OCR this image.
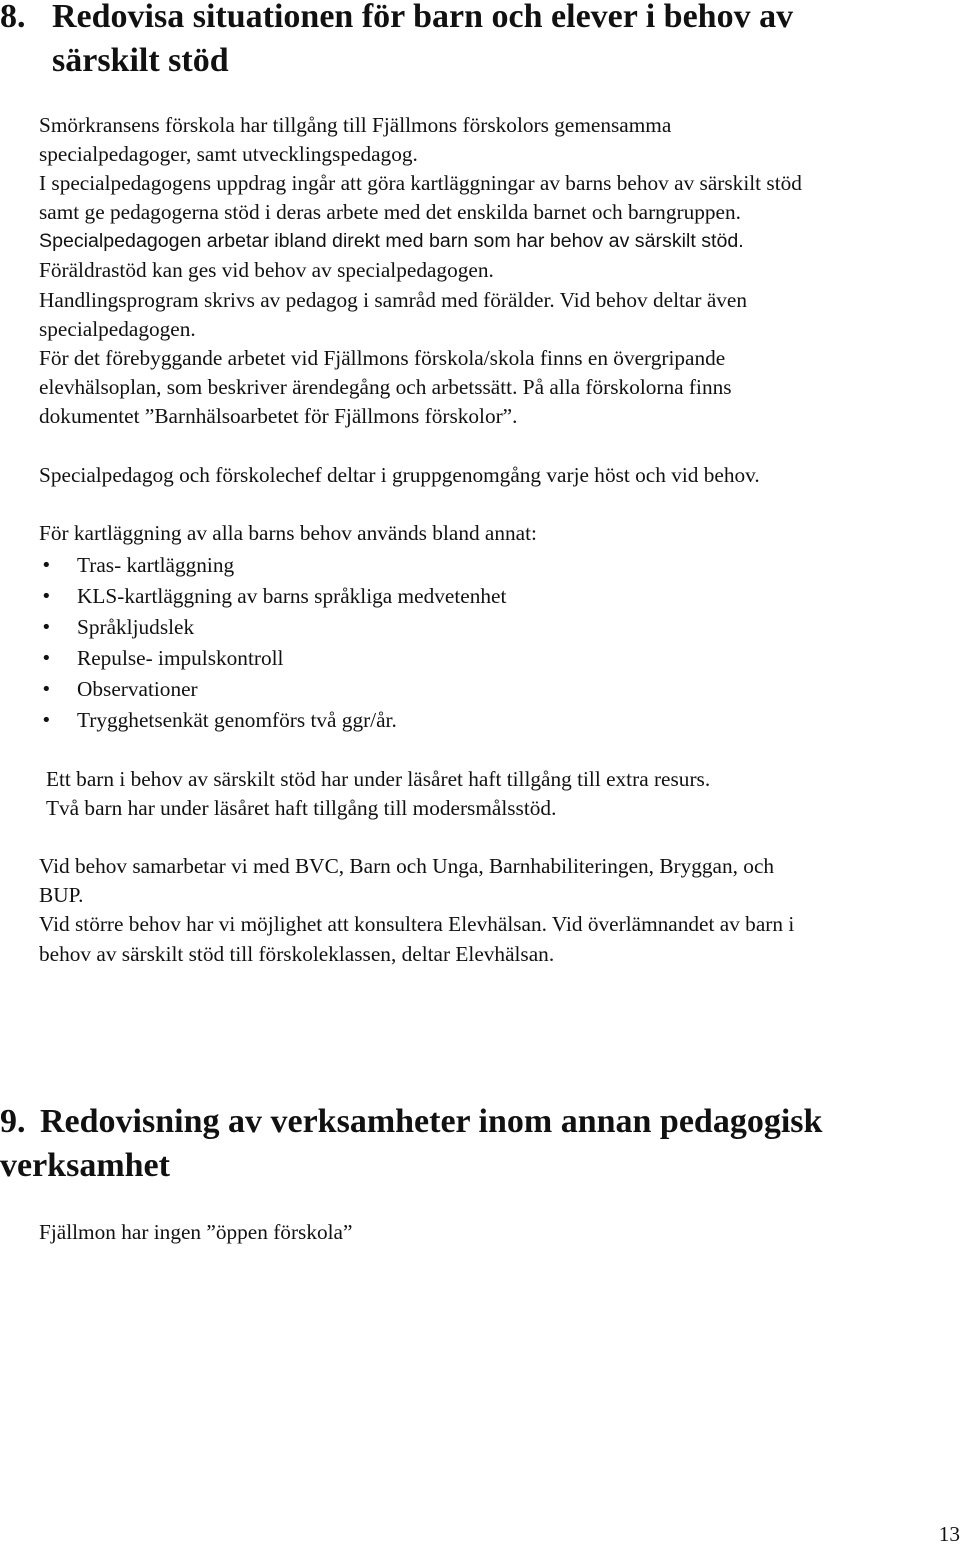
8. Redovisa situationen för barn och elever i behov av
särskilt stöd

Smörkransens förskola har tillgång till Fjällmons förskolors gemensamma

specialpedagoger, samt utvecklingspedagog.

I specialpedagogens uppdrag ingår att göra kartläggningar av barns behov av särskilt stöd

samt ge pedagogerna stöd i deras arbete med det enskilda barnet och barngruppen.

Specialpedagogen arbetar ibland direkt med barn som har behov av särskilt stöd.

Föräldrastöd kan ges vid behov av specialpedagogen.

Handlingsprogram skrivs av pedagog i samråd med förälder. Vid behov deltar även

specialpedagogen.

För det förebyggande arbetet vid Fjällmons förskola/skola finns en övergripande

elevhälsoplan, som beskriver ärendegång och arbetssätt. På alla förskolorna finns

dokumentet ”Barnhälsoarbetet för Fjällmons förskolor”.

Specialpedagog och förskolechef deltar i gruppgenomgång varje höst och vid behov.

För kartläggning av alla barns behov används bland annat:

• Tras- kartläggning
• KLS-kartläggning av barns språkliga medvetenhet
• Språkljudslek
• Repulse- impulskontroll
• Observationer
• Trygghetsenkät genomförs två ggr/år.

Ett barn i behov av särskilt stöd har under läsåret haft tillgång till extra resurs.

Två barn har under läsåret haft tillgång till modersmålsstöd.

Vid behov samarbetar vi med BVC, Barn och Unga, Barnhabiliteringen, Bryggan, och

BUP.

Vid större behov har vi möjlighet att konsultera Elevhälsan. Vid överlämnandet av barn i

behov av särskilt stöd till förskoleklassen, deltar Elevhälsan.

9. Redovisning av verksamheter inom annan pedagogisk
verksamhet

Fjällmon har ingen ”öppen förskola”

13
